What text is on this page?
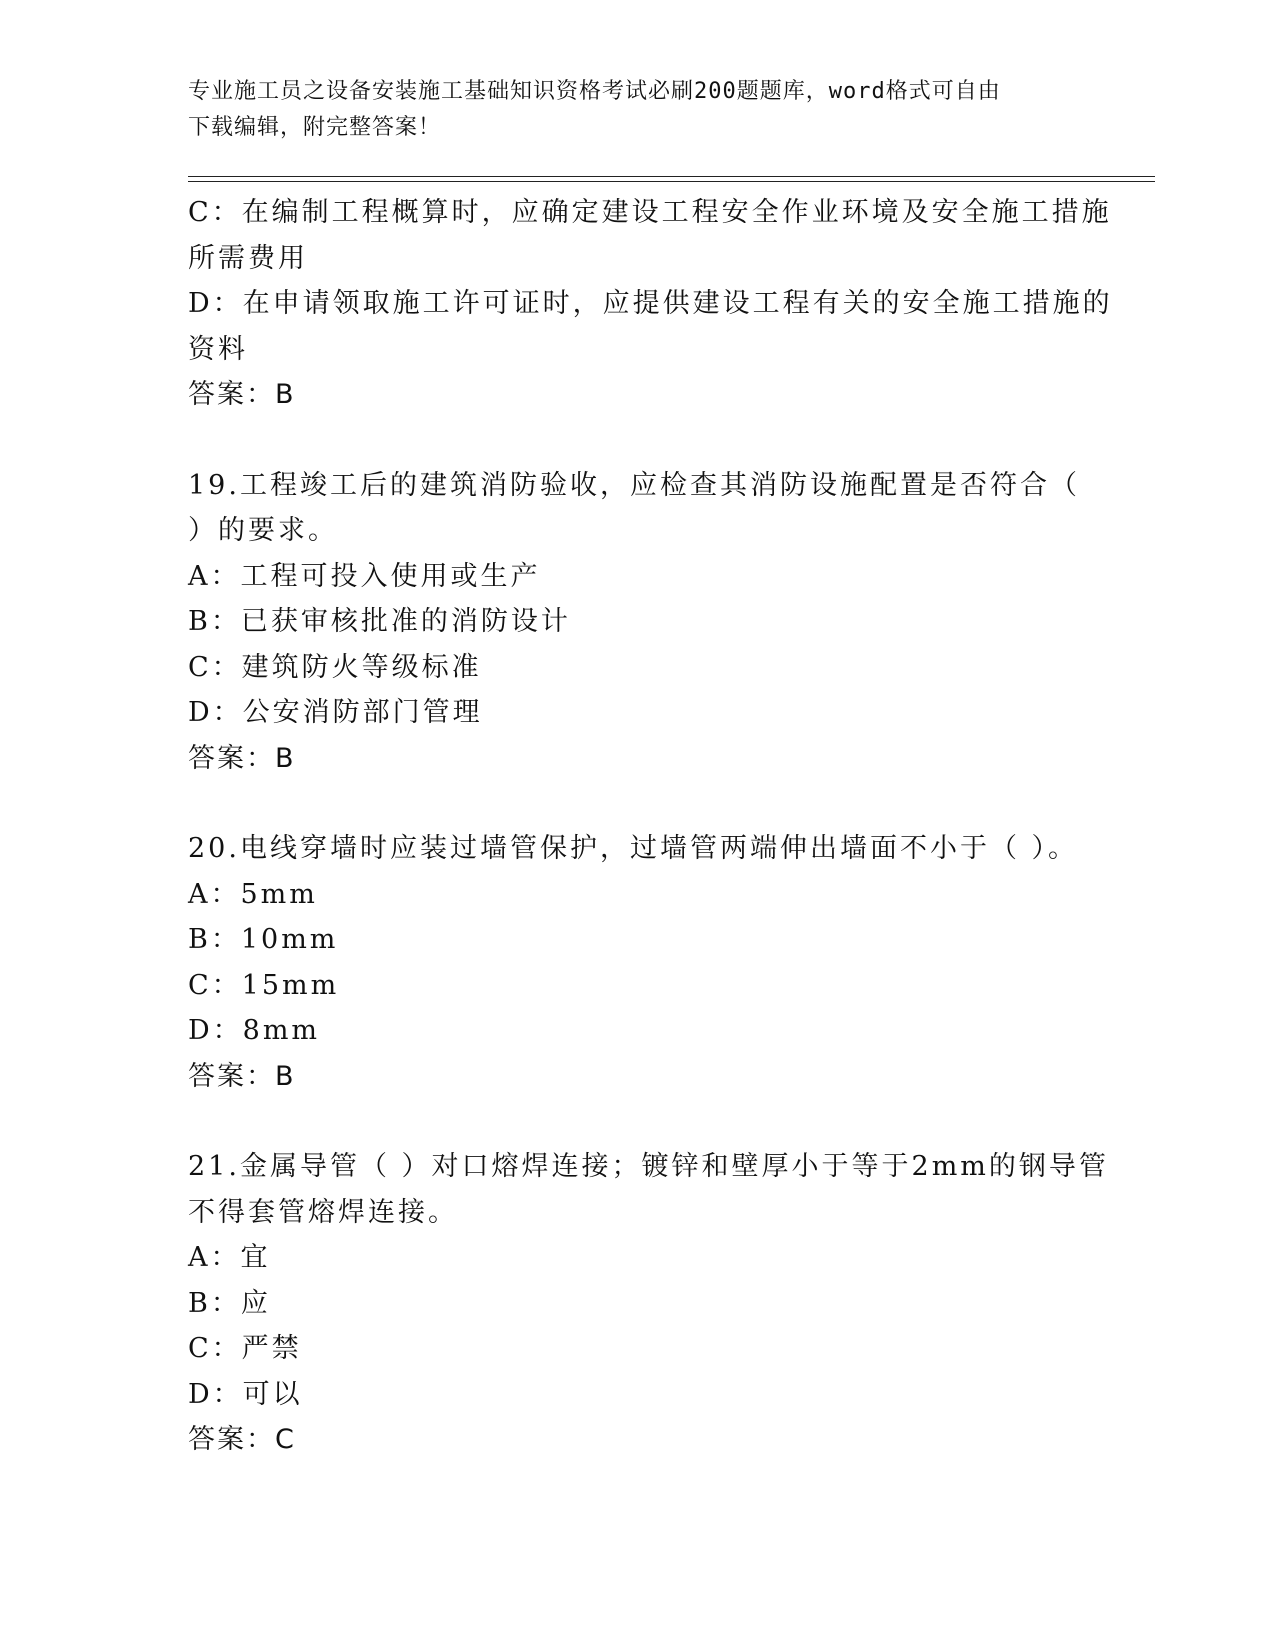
专业施工员之设备安装施工基础知识资格考试必刷200题题库，word格式可自由
下载编辑，附完整答案！
C：在编制工程概算时，应确定建设工程安全作业环境及安全施工措施
所需费用
D：在申请领取施工许可证时，应提供建设工程有关的安全施工措施的
资料
答案：B
19.工程竣工后的建筑消防验收，应检查其消防设施配置是否符合（
）的要求。
A：工程可投入使用或生产
B：已获审核批准的消防设计
C：建筑防火等级标准
D：公安消防部门管理
答案：B
20.电线穿墙时应装过墙管保护，过墙管两端伸出墙面不小于（ ）。
A：5mm
B：10mm
C：15mm
D：8mm
答案：B
21.金属导管（ ）对口熔焊连接；镀锌和壁厚小于等于2mm的钢导管
不得套管熔焊连接。
A：宜
B：应
C：严禁
D：可以
答案：C
